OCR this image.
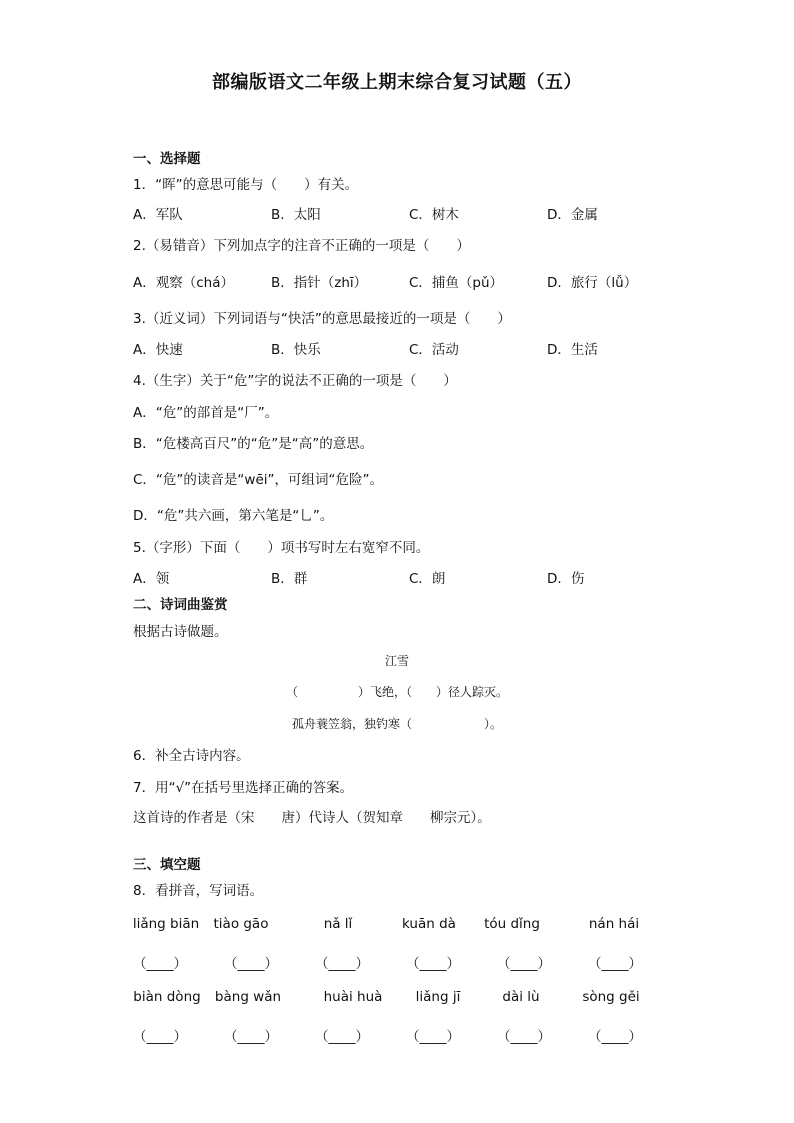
部编版语文二年级上期末综合复习试题（五）
一、选择题
1．“晖”的意思可能与（　　）有关。
A．军队	B．太阳	C．树木	D．金属
2.（易错音）下列加点字的注音不正确的一项是（　　）
A．观察（chá）	B．指针（zhī）	C．捕鱼（pǔ）	D．旅行（lǚ）
3.（近义词）下列词语与“快活”的意思最接近的一项是（　　）
A．快速	B．快乐	C．活动	D．生活
4.（生字）关于“危”字的说法不正确的一项是（　　）
A．“危”的部首是“厂”。
B．“危楼高百尺”的“危”是“高”的意思。
C．“危”的读音是“wēi”，可组词“危险”。
D．“危”共六画，第六笔是“乚”。
5.（字形）下面（　　）项书写时左右宽窄不同。
A．领	B．群	C．朗	D．伤
二、诗词曲鉴赏
根据古诗做题。
江雪
（　　　　　）飞绝，（　　）径人踪灭。
孤舟蓑笠翁，独钓寒（　　　　　　）。
6．补全古诗内容。
7．用“√”在括号里选择正确的答案。
这首诗的作者是（宋　　唐）代诗人（贺知章　　柳宗元）。
三、填空题
8．看拼音，写词语。
liǎng biān	tiào gāo	nǎ lǐ	kuān dà	tóu dǐng	nán hái
（____）	（____）	（____）	（____）	（____）	（____）
biàn dòng	bàng wǎn	huài huà	liǎng jī	dài lù	sòng gěi
（____）	（____）	（____）	（____）	（____）	（____）
